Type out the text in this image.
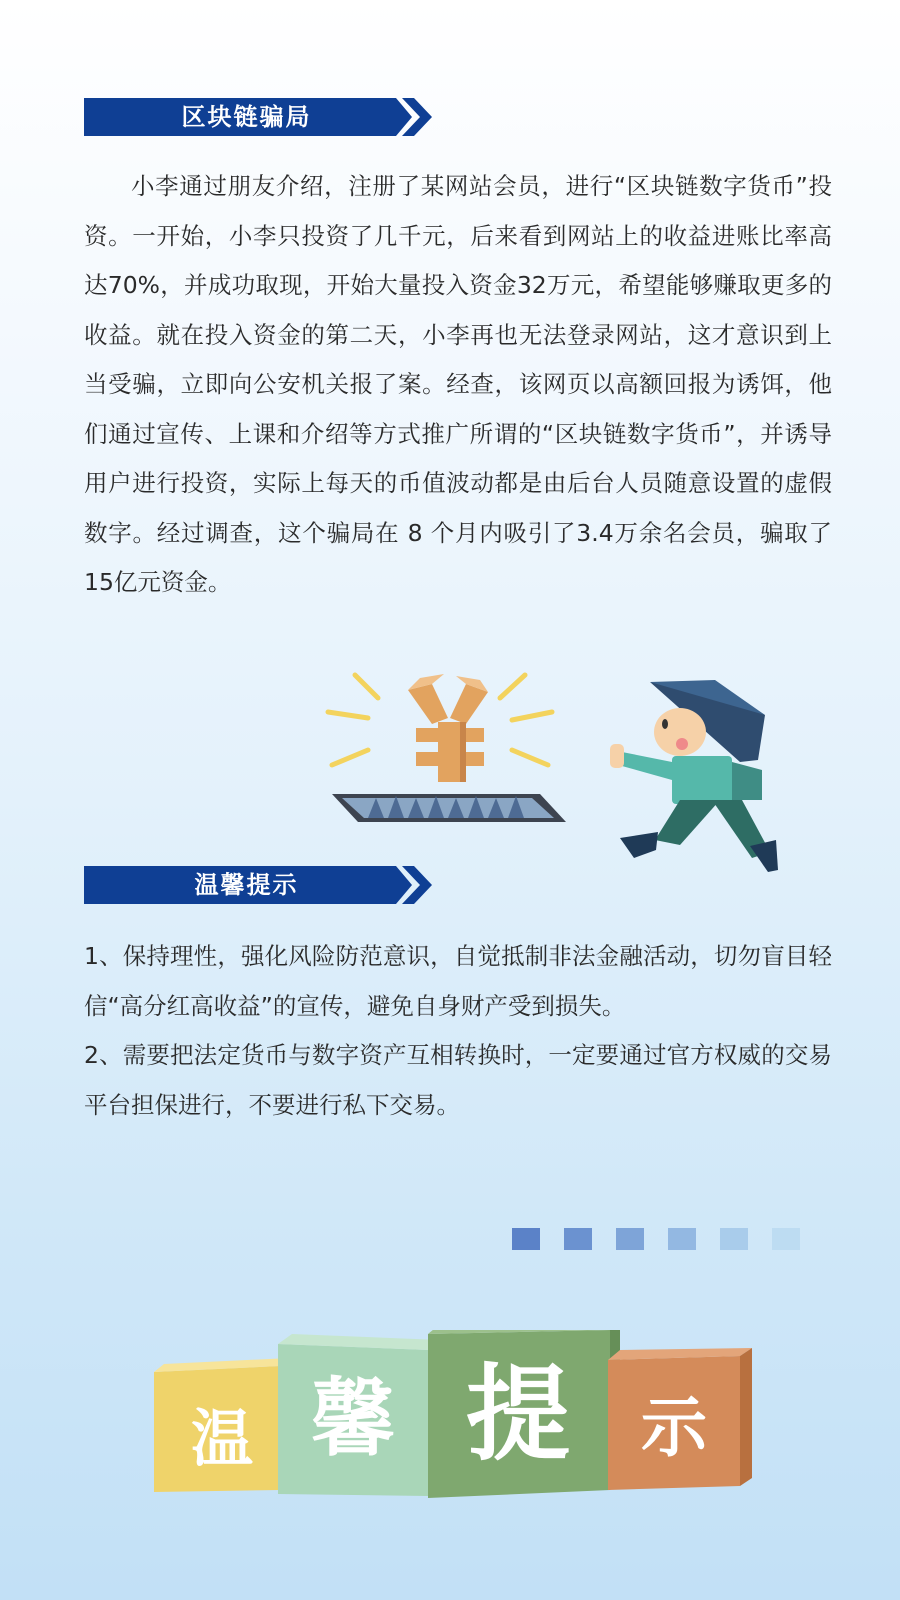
区块链骗局

小李通过朋友介绍，注册了某网站会员，进行“区块链数字货币”投资。一开始，小李只投资了几千元，后来看到网站上的收益进账比率高达70%，并成功取现，开始大量投入资金32万元，希望能够赚取更多的收益。就在投入资金的第二天，小李再也无法登录网站，这才意识到上当受骗，立即向公安机关报了案。经查，该网页以高额回报为诱饵，他们通过宣传、上课和介绍等方式推广所谓的“区块链数字货币”，并诱导用户进行投资，实际上每天的币值波动都是由后台人员随意设置的虚假数字。经过调查，这个骗局在 8 个月内吸引了3.4万余名会员，骗取了15亿元资金。

温馨提示

1、保持理性，强化风险防范意识，自觉抵制非法金融活动，切勿盲目轻信“高分红高收益”的宣传，避免自身财产受到损失。

2、需要把法定货币与数字资产互相转换时，一定要通过官方权威的交易平台担保进行，不要进行私下交易。

温 馨 提 示
